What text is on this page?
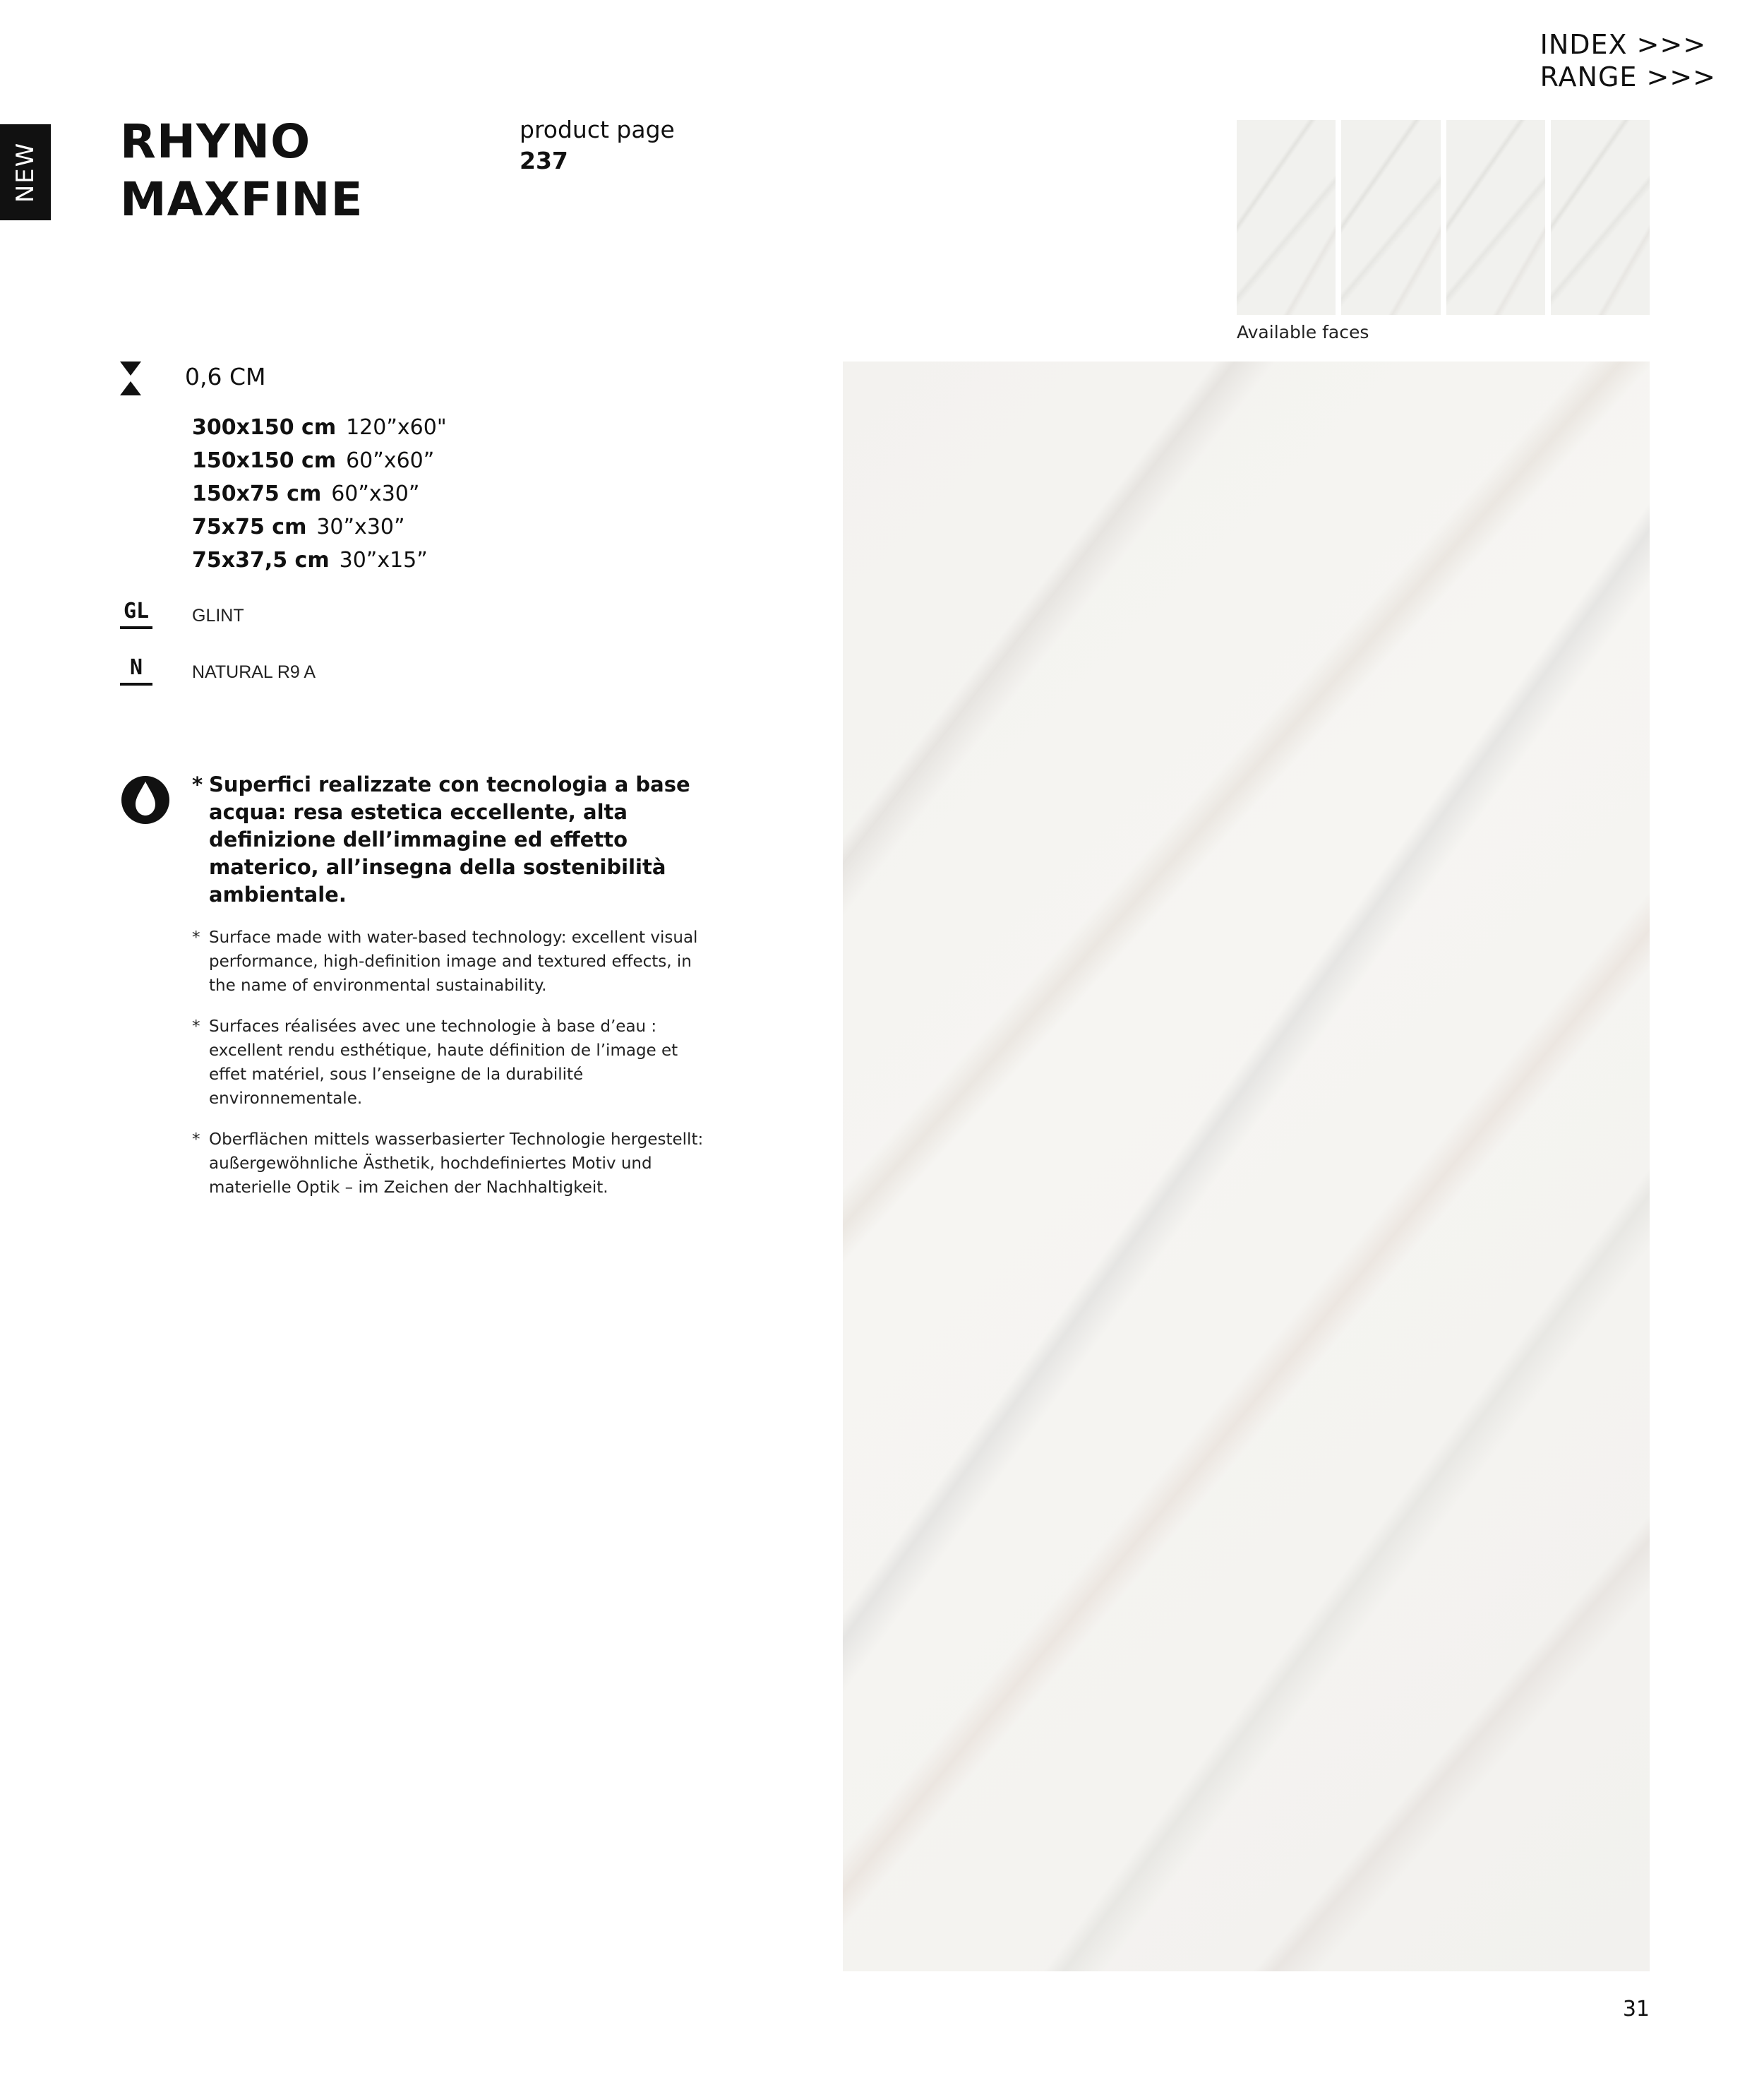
INDEX >>>
RANGE >>>
NEW
RHYNO
MAXFINE
product page
237
Available faces
0,6 CM
300x150 cm 120”x60"
150x150 cm 60”x60”
150x75 cm 60”x30”
75x75 cm 30”x30”
75x37,5 cm 30”x15”
GL GLINT
N	NATURAL R9 A
* Superfici realizzate con tecnologia a base acqua: resa estetica eccellente, alta definizione dell’immagine ed effetto materico, all’insegna della sostenibilità ambientale.
* Surface made with water-based technology: excellent visual performance, high-definition image and textured effects, in the name of environmental sustainability.
* Surfaces réalisées avec une technologie à base d’eau : excellent rendu esthétique, haute définition de l’image et effet matériel, sous l’enseigne de la durabilité environnementale.
* Oberflächen mittels wasserbasierter Technologie hergestellt: außergewöhnliche Ästhetik, hochdefiniertes Motiv und materielle Optik – im Zeichen der Nachhaltigkeit.
31
